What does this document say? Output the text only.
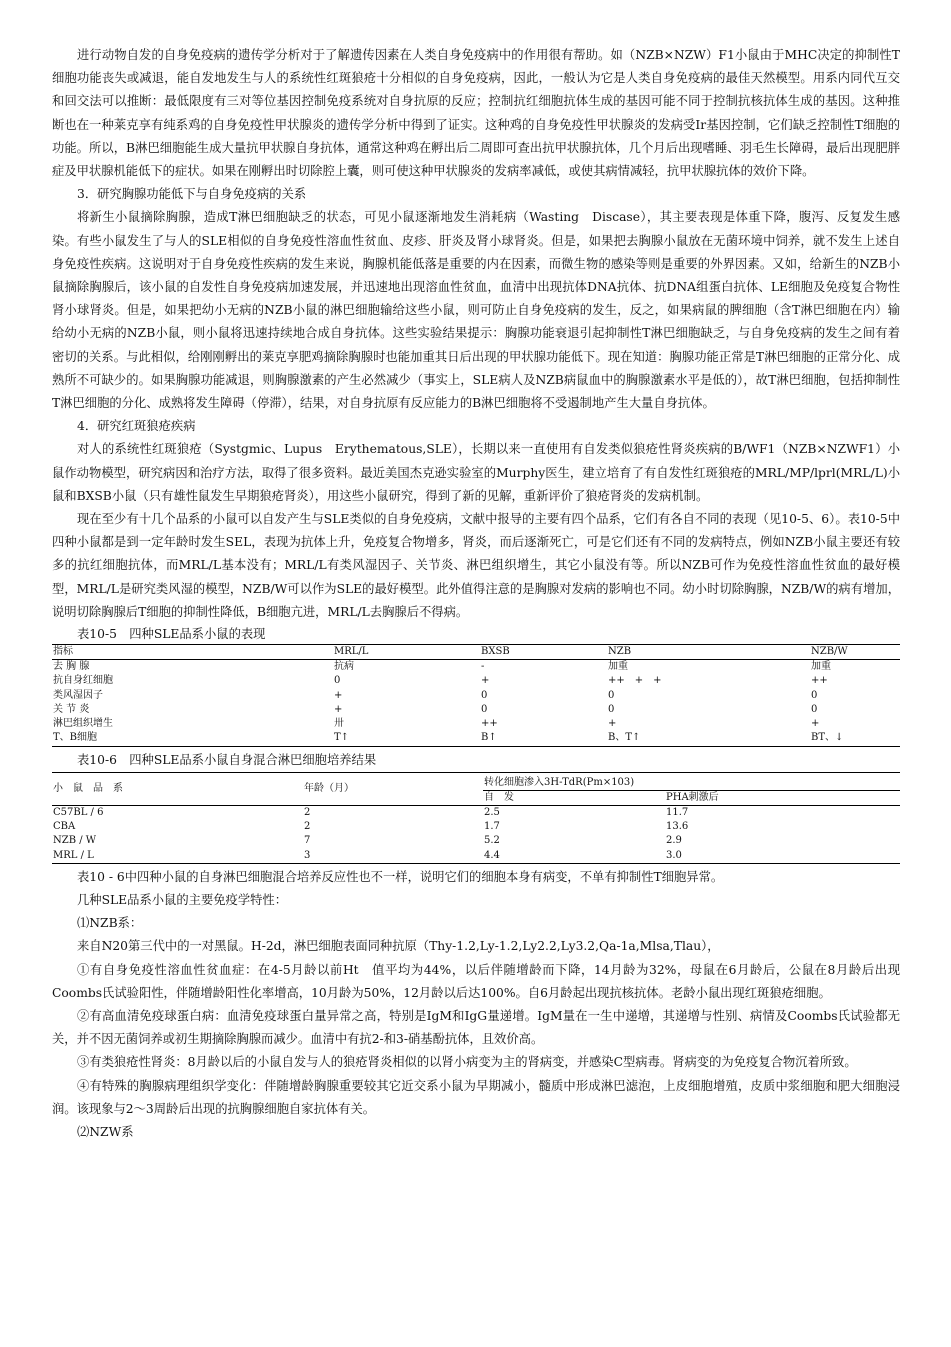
进行动物自发的自身免疫病的遗传学分析对于了解遗传因素在人类自身免疫病中的作用很有帮助。如（NZB×NZW）F1小鼠由于MHC决定的抑制性T细胞功能丧失或减退，能自发地发生与人的系统性红斑狼疮十分相似的自身免疫病，因此，一般认为它是人类自身免疫病的最佳天然模型。用系内同代互交和回交法可以推断：最低限度有三对等位基因控制免疫系统对自身抗原的反应；控制抗红细胞抗体生成的基因可能不同于控制抗核抗体生成的基因。这种推断也在一种莱克享有纯系鸡的自身免疫性甲状腺炎的遗传学分析中得到了证实。这种鸡的自身免疫性甲状腺炎的发病受Ir基因控制，它们缺乏控制性T细胞的功能。所以，B淋巴细胞能生成大量抗甲状腺自身抗体，通常这种鸡在孵出后二周即可查出抗甲状腺抗体，几个月后出现嗜睡、羽毛生长障碍，最后出现肥胖症及甲状腺机能低下的症状。如果在刚孵出时切除腔上囊，则可使这种甲状腺炎的发病率减低，或使其病情减轻，抗甲状腺抗体的效价下降。

3．研究胸腺功能低下与自身免疫病的关系

将新生小鼠摘除胸腺，造成T淋巴细胞缺乏的状态，可见小鼠逐渐地发生消耗病（Wasting　Discase），其主要表现是体重下降，腹泻、反复发生感染。有些小鼠发生了与人的SLE相似的自身免疫性溶血性贫血、皮疹、肝炎及肾小球肾炎。但是，如果把去胸腺小鼠放在无菌环境中饲养，就不发生上述自身免疫性疾病。这说明对于自身免疫性疾病的发生来说，胸腺机能低落是重要的内在因素，而微生物的感染等则是重要的外界因素。又如，给新生的NZB小鼠摘除胸腺后，该小鼠的自发性自身免疫病加速发展，并迅速地出现溶血性贫血，血清中出现抗体DNA抗体、抗DNA组蛋白抗体、LE细胞及免疫复合物性肾小球肾炎。但是，如果把幼小无病的NZB小鼠的淋巴细胞输给这些小鼠，则可防止自身免疫病的发生，反之，如果病鼠的脾细胞（含T淋巴细胞在内）输给幼小无病的NZB小鼠，则小鼠将迅速持续地合成自身抗体。这些实验结果提示：胸腺功能衰退引起抑制性T淋巴细胞缺乏，与自身免疫病的发生之间有着密切的关系。与此相似，给刚刚孵出的莱克享肥鸡摘除胸腺时也能加重其日后出现的甲状腺功能低下。现在知道：胸腺功能正常是T淋巴细胞的正常分化、成熟所不可缺少的。如果胸腺功能减退，则胸腺激素的产生必然减少（事实上，SLE病人及NZB病鼠血中的胸腺激素水平是低的），故T淋巴细胞，包括抑制性T淋巴细胞的分化、成熟将发生障碍（停滞），结果，对自身抗原有反应能力的B淋巴细胞将不受遏制地产生大量自身抗体。

4．研究红斑狼疮疾病

对人的系统性红斑狼疮（Systgmic、Lupus　Erythematous,SLE），长期以来一直使用有自发类似狼疮性肾炎疾病的B/WF1（NZB×NZWF1）小鼠作动物模型，研究病因和治疗方法，取得了很多资料。最近美国杰克逊实验室的Murphy医生，建立培育了有自发性红斑狼疮的MRL/MP/lprl(MRL/L)小鼠和BXSB小鼠（只有雄性鼠发生早期狼疮肾炎），用这些小鼠研究，得到了新的见解，重新评价了狼疮肾炎的发病机制。

现在至少有十几个品系的小鼠可以自发产生与SLE类似的自身免疫病，文献中报导的主要有四个品系，它们有各自不同的表现（见10-5、6）。表10-5中四种小鼠都是到一定年龄时发生SEL，表现为抗体上升，免疫复合物增多，肾炎，而后逐渐死亡，可是它们还有不同的发病特点，例如NZB小鼠主要还有较多的抗红细胞抗体，而MRL/L基本没有；MRL/L有类风湿因子、关节炎、淋巴组织增生，其它小鼠没有等。所以NZB可作为免疫性溶血性贫血的最好模型，MRL/L是研究类风湿的模型，NZB/W可以作为SLE的最好模型。此外值得注意的是胸腺对发病的影响也不同。幼小时切除胸腺，NZB/W的病有增加，说明切除胸腺后T细胞的抑制性降低，B细胞亢进，MRL/L去胸腺后不得病。

表10-5　四种SLE品系小鼠的表现
指标	MRL/L	BXSB	NZB	NZB/W
去 胸 腺	抗病	-	加重	加重
抗自身红细胞	0	+	++　+　+	++
类风湿因子	+	0	0	0
关 节 炎	+	0	0	0
淋巴组织增生	卅	++	+	+
T、B细胞	T↑	B↑	B、T↑	BT、↓
表10-6　四种SLE品系小鼠自身混合淋巴细胞培养结果
小　鼠　品　系	年龄（月）	转化细胞渗入3H-TdR(Pm×103)	
		自　发	PHA刺激后
C57BL / 6	2	2.5	11.7
CBA	2	1.7	13.6
NZB / W	7	5.2	2.9
MRL / L	3	4.4	3.0

表10 - 6中四种小鼠的自身淋巴细胞混合培养反应性也不一样，说明它们的细胞本身有病变，不单有抑制性T细胞异常。

几种SLE品系小鼠的主要免疫学特性：

⑴NZB系：

来自N20第三代中的一对黑鼠。H-2d，淋巴细胞表面同种抗原（Thy-1.2,Ly-1.2,Ly2.2,Ly3.2,Qa-1a,Mlsa,Tlau），

①有自身免疫性溶血性贫血症：在4-5月龄以前Ht　值平均为44%，以后伴随增龄而下降，14月龄为32%，母鼠在6月龄后，公鼠在8月龄后出现Coombs氏试验阳性，伴随增龄阳性化率增高，10月龄为50%，12月龄以后达100%。自6月龄起出现抗核抗体。老龄小鼠出现红斑狼疮细胞。

②有高血清免疫球蛋白病：血清免疫球蛋白量异常之高，特别是IgM和IgG量递增。IgM量在一生中递增，其递增与性别、病情及Coombs氏试验都无关，并不因无菌饲养或初生期摘除胸腺而减少。血清中有抗2-和3-硝基酚抗体，且效价高。

③有类狼疮性肾炎：8月龄以后的小鼠自发与人的狼疮肾炎相似的以肾小病变为主的肾病变，并感染C型病毒。肾病变的为免疫复合物沉着所致。

④有特殊的胸腺病理组织学变化：伴随增龄胸腺重要较其它近交系小鼠为早期减小，髓质中形成淋巴滤泡，上皮细胞增殖，皮质中浆细胞和肥大细胞浸润。该现象与2～3周龄后出现的抗胸腺细胞自家抗体有关。

⑵NZW系
